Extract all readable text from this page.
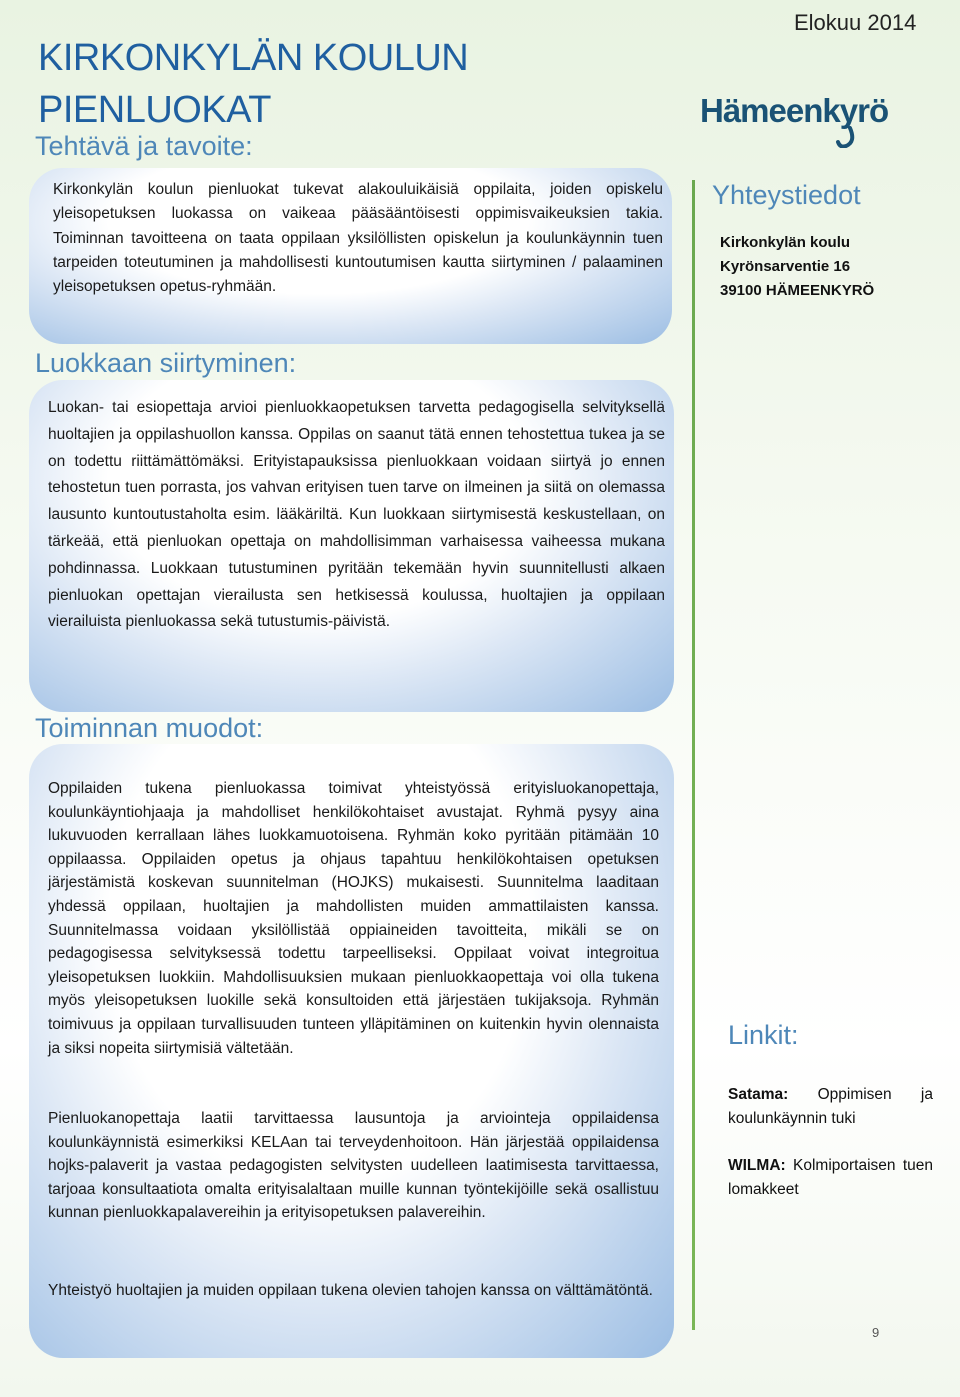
KIRKONKYLÄN KOULUN
PIENLUOKAT
Elokuu 2014
Hämeenkyrö
Tehtävä ja tavoite:

Kirkonkylän koulun pienluokat tukevat alakouluikäisiä oppilaita, joiden opiskelu yleisopetuksen luokassa on vaikeaa pääsääntöisesti oppimisvaikeuksien takia. Toiminnan tavoitteena on taata oppilaan yksilöllisten opiskelun ja koulunkäynnin tuen tarpeiden toteutuminen ja mahdollisesti kuntoutumisen kautta siirtyminen / palaaminen yleisopetuksen opetus-ryhmään.

Luokkaan siirtyminen:

Luokan- tai esiopettaja arvioi pienluokkaopetuksen tarvetta pedagogisella selvityksellä huoltajien ja oppilashuollon kanssa. Oppilas on saanut tätä ennen tehostettua tukea ja se on todettu riittämättömäksi. Erityistapauksissa pienluokkaan voidaan siirtyä jo ennen tehostetun tuen porrasta, jos vahvan erityisen tuen tarve on ilmeinen ja siitä on olemassa lausunto kuntoutustaholta esim. lääkäriltä. Kun luokkaan siirtymisestä keskustellaan, on tärkeää, että pienluokan opettaja on mahdollisimman varhaisessa vaiheessa mukana pohdinnassa. Luokkaan tutustuminen pyritään tekemään hyvin suunnitellusti alkaen pienluokan opettajan vierailusta sen hetkisessä koulussa, huoltajien ja oppilaan vierailuista pienluokassa sekä tutustumis-päivistä.

Toiminnan muodot:

Oppilaiden tukena pienluokassa toimivat yhteistyössä erityisluokanopettaja, koulunkäyntiohjaaja ja mahdolliset henkilökohtaiset avustajat. Ryhmä pysyy aina lukuvuoden kerrallaan lähes luokkamuotoisena. Ryhmän koko pyritään pitämään 10 oppilaassa. Oppilaiden opetus ja ohjaus tapahtuu henkilökohtaisen opetuksen järjestämistä koskevan suunnitelman (HOJKS) mukaisesti. Suunnitelma laaditaan yhdessä oppilaan, huoltajien ja mahdollisten muiden ammattilaisten kanssa. Suunnitelmassa voidaan yksilöllistää oppiaineiden tavoitteita, mikäli se on pedagogisessa selvityksessä todettu tarpeelliseksi. Oppilaat voivat integroitua yleisopetuksen luokkiin. Mahdollisuuksien mukaan pienluokkaopettaja voi olla tukena myös yleisopetuksen luokille sekä konsultoiden että järjestäen tukijaksoja. Ryhmän toimivuus ja oppilaan turvallisuuden tunteen ylläpitäminen on kuitenkin hyvin olennaista ja siksi nopeita siirtymisiä vältetään.

Pienluokanopettaja laatii tarvittaessa lausuntoja ja arviointeja oppilaidensa koulunkäynnistä esimerkiksi KELAan tai terveydenhoitoon. Hän järjestää oppilaidensa hojks-palaverit ja vastaa pedagogisten selvitysten uudelleen laatimisesta tarvittaessa, tarjoaa konsultaatiota omalta erityisalaltaan muille kunnan työntekijöille sekä osallistuu kunnan pienluokkapalavereihin ja erityisopetuksen palavereihin.

Yhteistyö huoltajien ja muiden oppilaan tukena olevien tahojen kanssa on välttämätöntä.

Yhteystiedot
Kirkonkylän koulu
Kyrönsarventie 16
39100 HÄMEENKYRÖ
Linkit:
Satama: Oppimisen ja koulunkäynnin tuki
WILMA: Kolmiportaisen tuen lomakkeet
9
